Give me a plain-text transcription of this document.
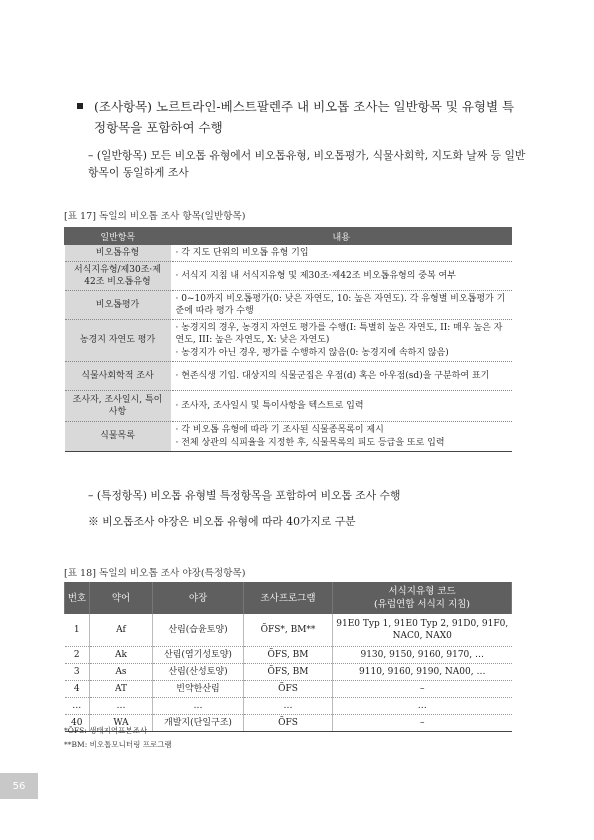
(조사항목) 노르트라인-베스트팔렌주 내 비오톱 조사는 일반항목 및 유형별 특정항목을 포함하여 수행
– (일반항목) 모든 비오톱 유형에서 비오톱유형, 비오톱평가, 식물사회학, 지도화 날짜 등 일반항목이 동일하게 조사
[표 17] 독일의 비오톱 조사 항목(일반항목)
일반항목	내용
비오톱유형	· 각 지도 단위의 비오톱 유형 기입
서식지유형/제30조·제42조 비오톱유형	· 서식지 지침 내 서식지유형 및 제30조·제42조 비오톱유형의 중복 여부
비오톱평가	· 0~10까지 비오톱평가(0: 낮은 자연도, 10: 높은 자연도). 각 유형별 비오톱평가 기준에 따라 평가 수행
농경지 자연도 평가	· 농경지의 경우, 농경지 자연도 평가를 수행(I: 특별히 높은 자연도, II: 매우 높은 자연도, III: 높은 자연도, X: 낮은 자연도)
· 농경지가 아닌 경우, 평가를 수행하지 않음(0: 농경지에 속하지 않음)
식물사회학적 조사	· 현존식생 기입. 대상지의 식물군집은 우점(d) 혹은 아우점(sd)을 구분하여 표기
조사자, 조사일시, 특이사항	· 조사자, 조사일시 및 특이사항을 텍스트로 입력
식물목록	· 각 비오톱 유형에 따라 기 조사된 식물종목록이 제시
· 전체 상관의 식피율을 지정한 후, 식물목록의 피도 등급을 또로 입력
– (특정항목) 비오톱 유형별 특정항목을 포함하여 비오톱 조사 수행
※ 비오톱조사 야장은 비오톱 유형에 따라 40가지로 구분
[표 18] 독일의 비오톱 조사 야장(특정항목)
번호	약어	야장	조사프로그램	서식지유형 코드
(유럽연합 서식지 지침)

1	Af	산림(습윤토양)	ÕFS*, BM**	91E0 Typ 1, 91E0 Typ 2, 91D0, 91F0, NAC0, NAX0
2	Ak	산림(염기성토양)	ÕFS, BM	9130, 9150, 9160, 9170, …
3	As	산림(산성토양)	ÕFS, BM	9110, 9160, 9190, NA00, …
4	AT	빈약한산림	ÕFS	–
…	…	…	…	…
40	WA	개발지(단일구조)	ÕFS	–
*ÕFS: 생태지역표본조사
**BM: 비오톱모니터링 프로그램
56
